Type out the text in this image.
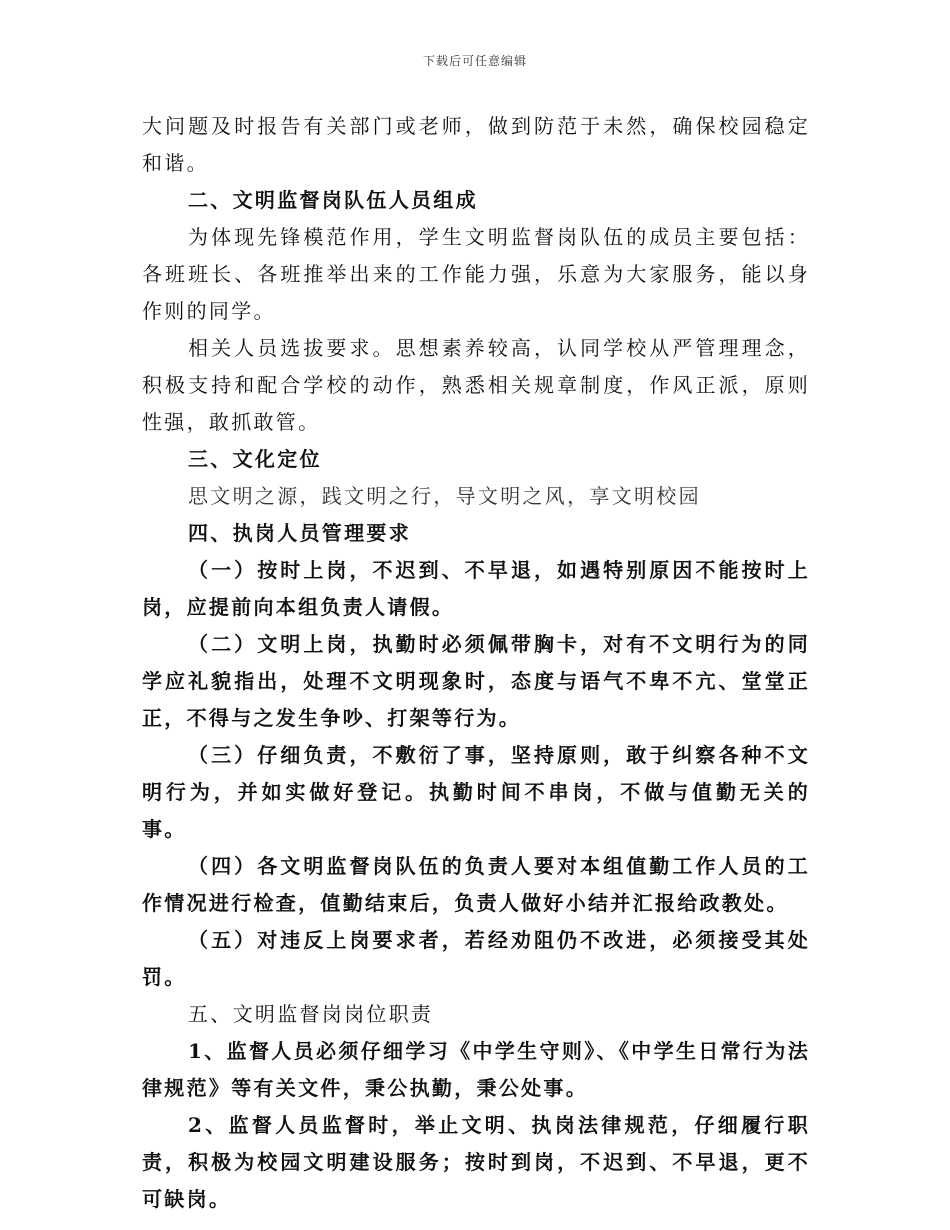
下载后可任意编辑

大问题及时报告有关部门或老师，做到防范于未然，确保校园稳定和谐。

二、文明监督岗队伍人员组成

为体现先锋模范作用，学生文明监督岗队伍的成员主要包括：各班班长、各班推举出来的工作能力强，乐意为大家服务，能以身作则的同学。

相关人员选拔要求。思想素养较高，认同学校从严管理理念，积极支持和配合学校的动作，熟悉相关规章制度，作风正派，原则性强，敢抓敢管。

三、文化定位

思文明之源，践文明之行，导文明之风，享文明校园

四、执岗人员管理要求

（一）按时上岗，不迟到、不早退，如遇特别原因不能按时上岗，应提前向本组负责人请假。

（二）文明上岗，执勤时必须佩带胸卡，对有不文明行为的同学应礼貌指出，处理不文明现象时，态度与语气不卑不亢、堂堂正正，不得与之发生争吵、打架等行为。

（三）仔细负责，不敷衍了事，坚持原则，敢于纠察各种不文明行为，并如实做好登记。执勤时间不串岗，不做与值勤无关的事。

（四）各文明监督岗队伍的负责人要对本组值勤工作人员的工作情况进行检查，值勤结束后，负责人做好小结并汇报给政教处。

（五）对违反上岗要求者，若经劝阻仍不改进，必须接受其处罚。

五、文明监督岗岗位职责

1、监督人员必须仔细学习《中学生守则》、《中学生日常行为法律规范》等有关文件，秉公执勤，秉公处事。

2、监督人员监督时，举止文明、执岗法律规范，仔细履行职责，积极为校园文明建设服务；按时到岗，不迟到、不早退，更不可缺岗。
